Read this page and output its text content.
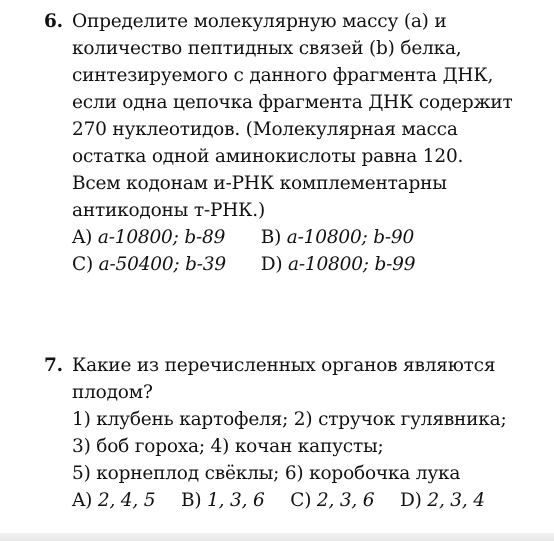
6. Определите молекулярную массу (a) и
количество пептидных связей (b) белка,
синтезируемого с данного фрагмента ДНК,
если одна цепочка фрагмента ДНК содержит
270 нуклеотидов. (Молекулярная масса
остатка одной аминокислоты равна 120.
Всем кодонам и-РНК комплементарны
антикодоны т-РНК.)
A) a-10800; b-89 B) a-10800; b-90
C) a-50400; b-39 D) a-10800; b-99
7. Какие из перечисленных органов являются
плодом?
1) клубень картофеля; 2) стручок гулявника;
3) боб гороха; 4) кочан капусты;
5) корнеплод свёклы; 6) коробочка лука
A) 2, 4, 5 B) 1, 3, 6 C) 2, 3, 6 D) 2, 3, 4
